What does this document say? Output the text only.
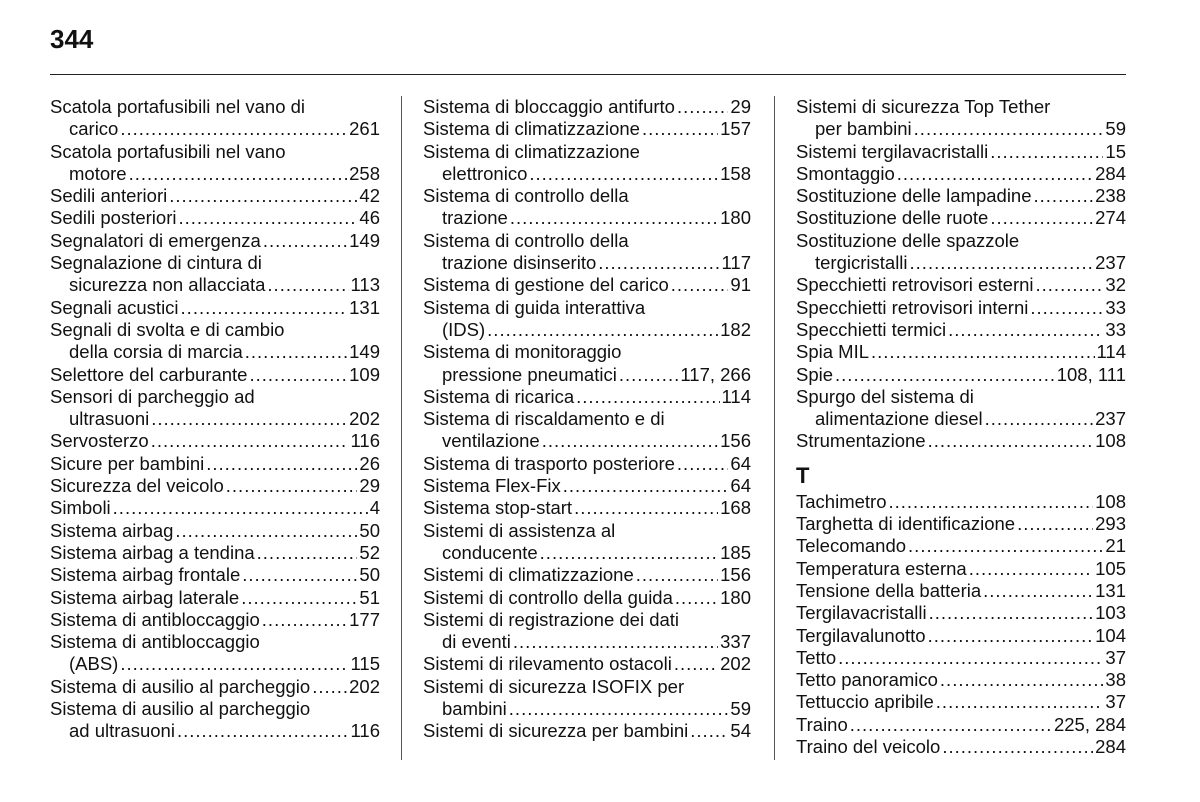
344
Scatola portafusibili nel vano di
carico .....	261
Scatola portafusibili nel vano
motore .....	258
Sedili anteriori .....	42
Sedili posteriori .....	46
Segnalatori di emergenza .....	149
Segnalazione di cintura di
sicurezza non allacciata .....	113
Segnali acustici .....	131
Segnali di svolta e di cambio
della corsia di marcia .....	149
Selettore del carburante .....	109
Sensori di parcheggio ad
ultrasuoni .....	202
Servosterzo .....	116
Sicure per bambini .....	26
Sicurezza del veicolo .....	29
Simboli .....	4
Sistema airbag .....	50
Sistema airbag a tendina .....	52
Sistema airbag frontale .....	50
Sistema airbag laterale .....	51
Sistema di antibloccaggio .....	177
Sistema di antibloccaggio
(ABS) .....	115
Sistema di ausilio al parcheggio ..... 202
Sistema di ausilio al parcheggio
ad ultrasuoni .....	116
Sistema di bloccaggio antifurto .....	29
Sistema di climatizzazione .....	157
Sistema di climatizzazione
elettronico .....	158
Sistema di controllo della
trazione .....	180
Sistema di controllo della
trazione disinserito .....	117
Sistema di gestione del carico .....	91
Sistema di guida interattiva
(IDS) .....	182
Sistema di monitoraggio
pressione pneumatici .....	117, 266
Sistema di ricarica .....	114
Sistema di riscaldamento e di
ventilazione .....	156
Sistema di trasporto posteriore .....	64
Sistema Flex-Fix .....	64
Sistema stop-start .....	168
Sistemi di assistenza al
conducente .....	185
Sistemi di climatizzazione .....	156
Sistemi di controllo della guida .....	180
Sistemi di registrazione dei dati
di eventi .....	337
Sistemi di rilevamento ostacoli .....	202
Sistemi di sicurezza ISOFIX per
bambini .....	59
Sistemi di sicurezza per bambini ..... 54
Sistemi di sicurezza Top Tether
per bambini .....	59
Sistemi tergilavacristalli .....	15
Smontaggio .....	284
Sostituzione delle lampadine .....	238
Sostituzione delle ruote .....	274
Sostituzione delle spazzole
tergicristalli .....	237
Specchietti retrovisori esterni .....	32
Specchietti retrovisori interni .....	33
Specchietti termici .....	33
Spia MIL .....	114
Spie .....	108, 111
Spurgo del sistema di
alimentazione diesel .....	237
Strumentazione .....	108
T
Tachimetro .....	108
Targhetta di identificazione .....	293
Telecomando .....	21
Temperatura esterna .....	105
Tensione della batteria .....	131
Tergilavacristalli .....	103
Tergilavalunotto .....	104
Tetto .....	37
Tetto panoramico .....	38
Tettuccio apribile .....	37
Traino .....	225, 284
Traino del veicolo .....	284
